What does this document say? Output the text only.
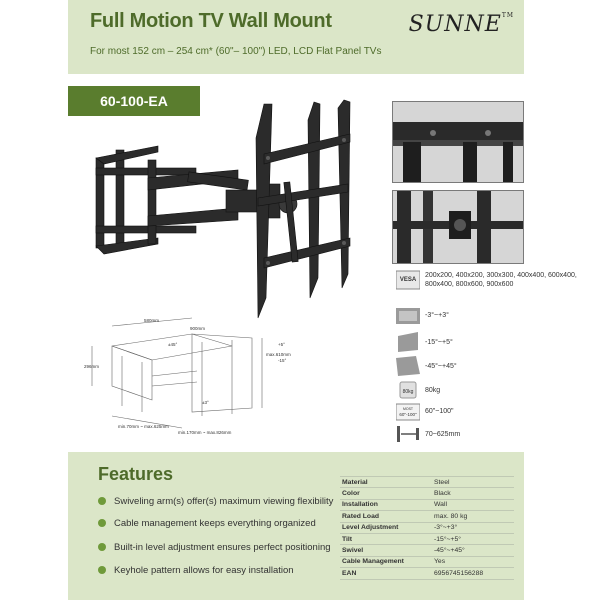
Full Motion TV Wall Mount
For most 152 cm – 254 cm* (60"– 100") LED, LCD Flat Panel TVs
SUNNE™
60-100-EA
VESA
200x200, 400x200, 300x300, 400x400, 600x400, 800x400, 800x600, 900x600
-3°~+3°
-15°~+5°
-45°~+45°
80kg 80kg
MOST
60"-100" 60"~100"
70~625mm
580mm
900mm
296mm
max.610mm
min.70mm ~ max.625mm
min.170mm ~ max.826mm
±45°	+5°
-15°
±3°
Features
Swiveling arm(s) offer(s) maximum viewing flexibility
Cable management keeps everything organized
Built-in level adjustment ensures perfect positioning
Keyhole pattern allows for easy installation
Material	Steel
Color	Black
Installation	Wall
Rated Load	max. 80 kg
Level Adjustment	-3°~+3°
Tilt	-15°~+5°
Swivel	-45°~+45°
Cable Management	Yes
EAN	6956745156288
